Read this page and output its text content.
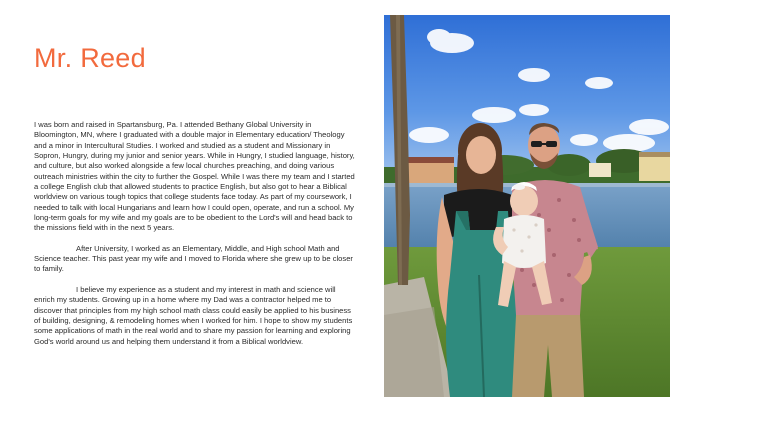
Mr. Reed

I was born and raised in Spartansburg, Pa. I attended Bethany Global University in Bloomington, MN, where I graduated with a double major in Elementary education/ Theology and a minor in Intercultural Studies. I worked and studied as a student and Missionary in Sopron, Hungry, during my junior and senior years. While in Hungry, I studied language, history, and culture, but also worked alongside a few local churches preaching, and doing various outreach ministries within the city to further the Gospel. While I was there my team and I started a college English club that allowed students to practice English, but also got to hear a Biblical worldview on various tough topics that college students face today. As part of my coursework, I needed to talk with local Hungarians and learn how I could open, operate, and run a school. My long-term goals for my wife and my goals are to be obedient to the Lord's will and head back to the missions field with in the next 5 years.

After University, I worked as an Elementary, Middle, and High school Math and Science teacher. This past year my wife and I moved to Florida where she grew up to be closer to family.

I believe my experience as a student and my interest in math and science will enrich my students. Growing up in a home where my Dad was a contractor helped me to discover that principles from my high school math class could easily be applied to his business of building, designing, & remodeling homes when I worked for him. I hope to show my students some applications of math in the real world and to share my passion for learning and exploring God's world around us and helping them understand it from a Biblical worldview.
